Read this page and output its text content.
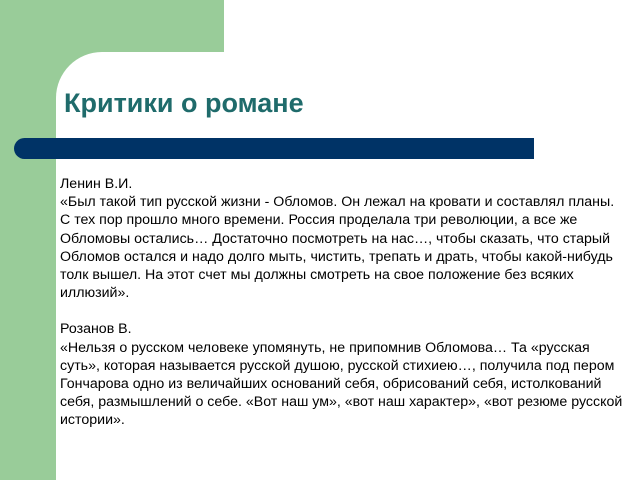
Критики о романе

Ленин В.И.

«Был такой тип русской жизни - Обломов. Он лежал на кровати и составлял планы. С тех пор прошло много времени. Россия проделала три революции, а все же Обломовы остались… Достаточно посмотреть на нас…, чтобы сказать, что старый Обломов остался и надо долго мыть, чистить, трепать и драть, чтобы какой-нибудь толк вышел. На этот счет мы должны смотреть на свое положение без всяких иллюзий».

Розанов В.

«Нельзя о русском человеке упомянуть, не припомнив Обломова… Та «русская суть», которая называется русской душою, русской стихиею…, получила под пером Гончарова одно из величайших оснований себя, обрисований себя, истолкований себя, размышлений о себе. «Вот наш ум», «вот наш характер», «вот резюме русской истории».
